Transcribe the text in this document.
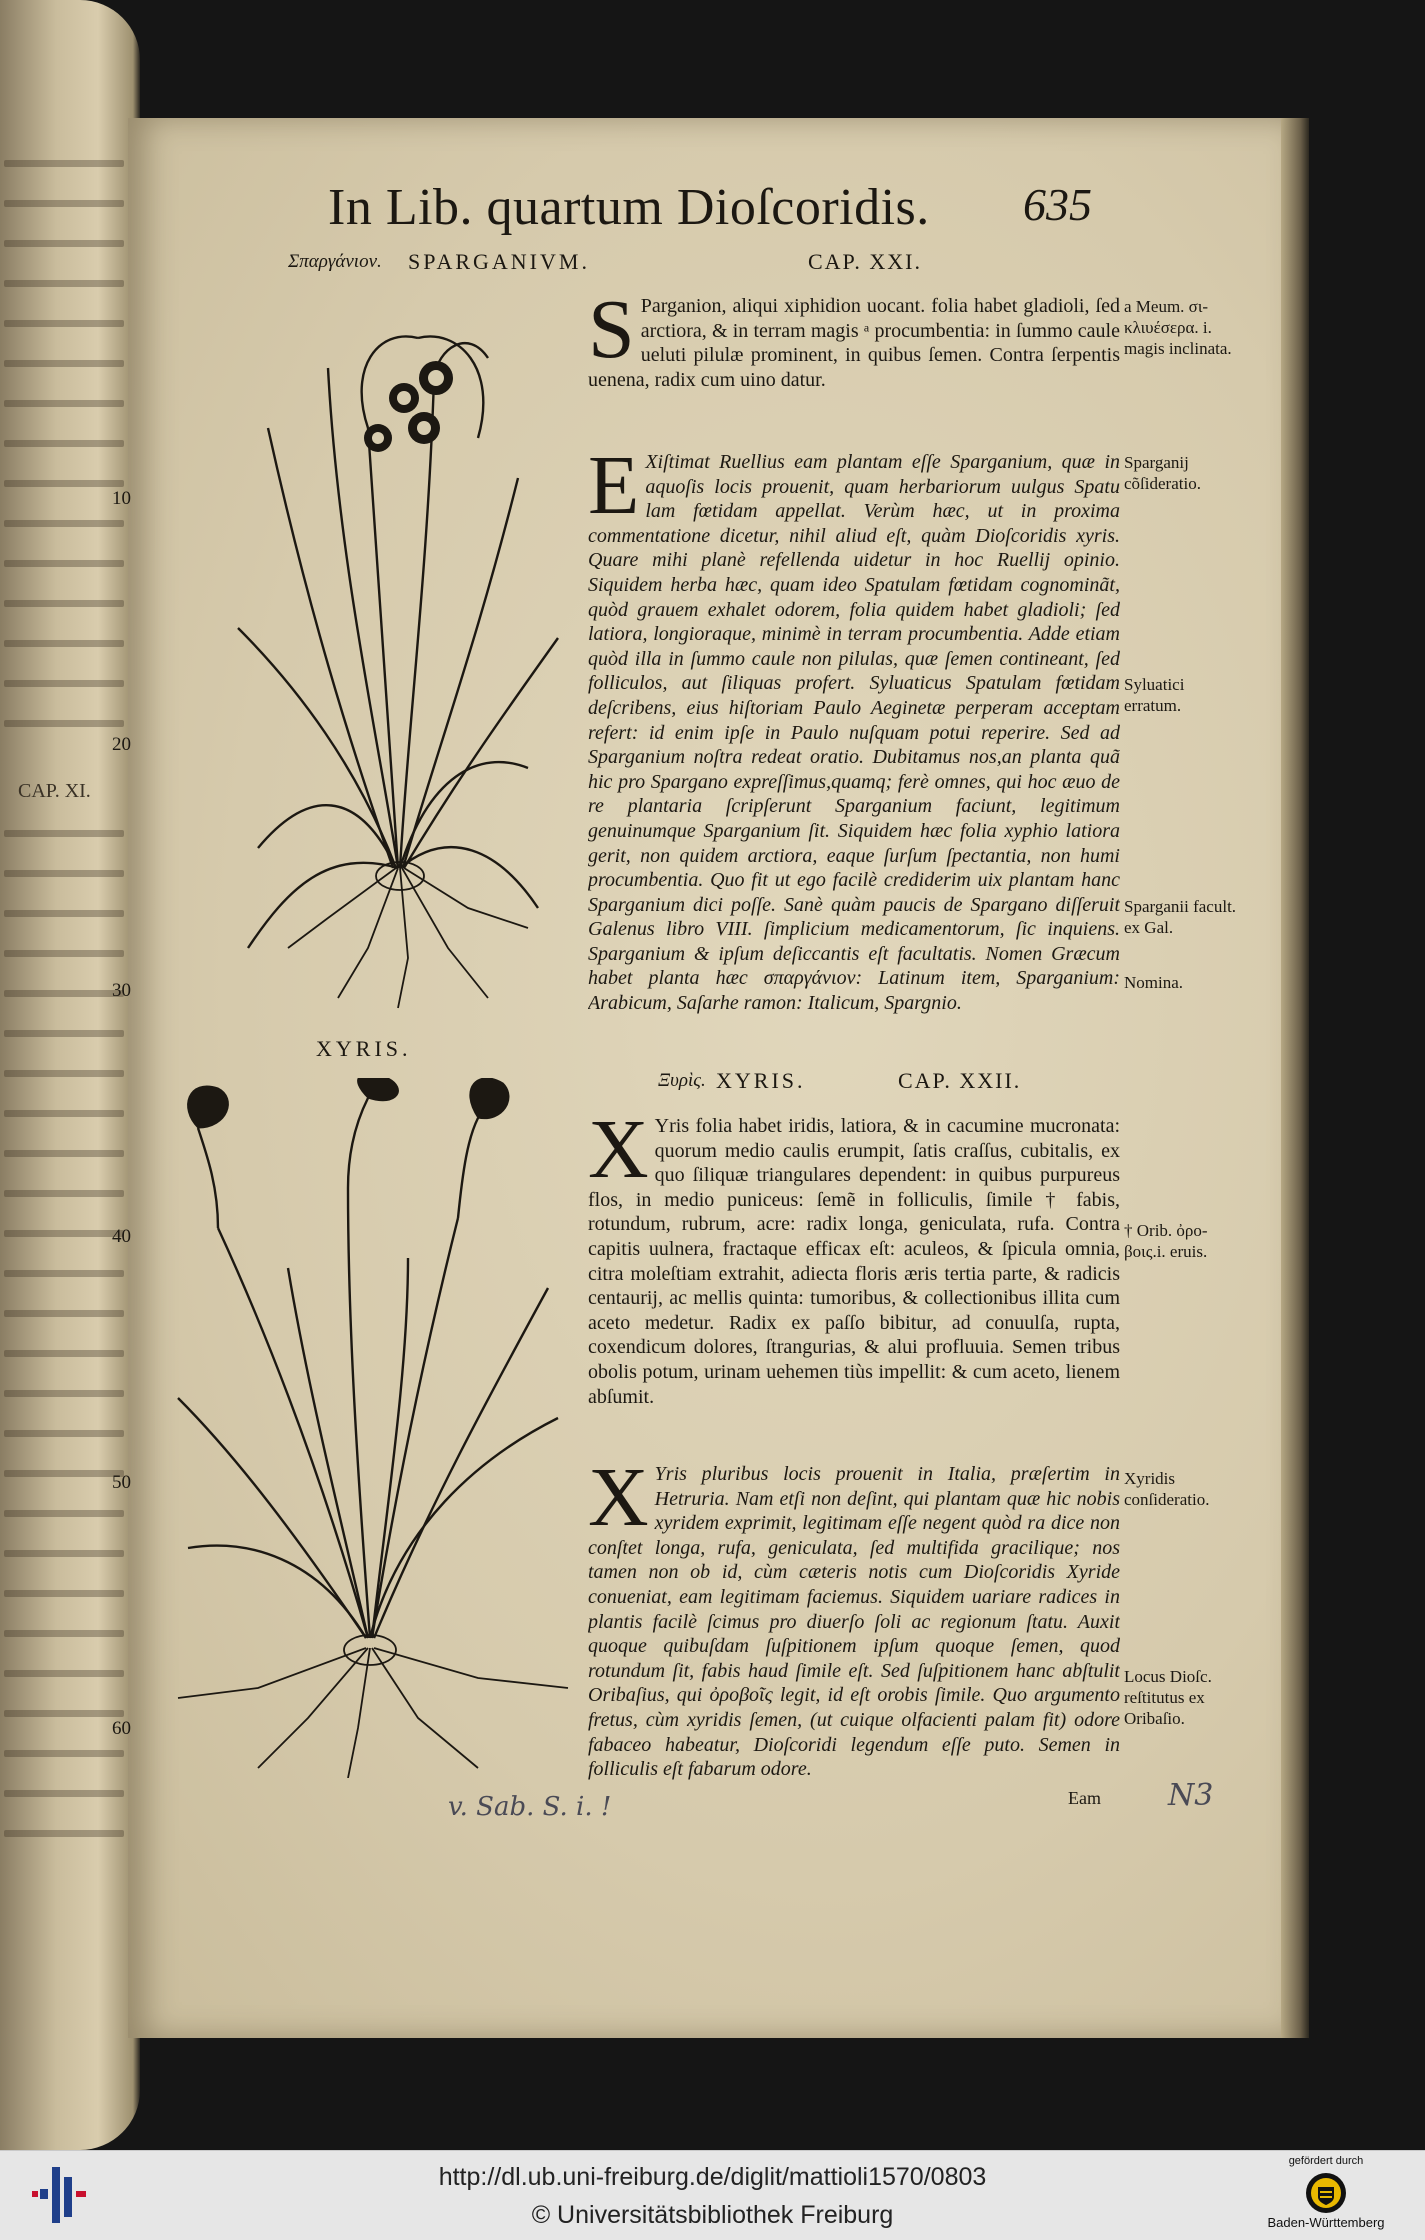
CAP. XI.
In Lib. quartum Dioſcoridis.	635
Σπαργάνιον. SPARGANIVM.	CAP. XXI.
S Parganion, aliqui xiphidion uocant. folia habet gladioli, ſed arctiora, & in terram magis ᵃ procumbentia: in ſummo caule ueluti pilulæ prominent, in quibus ſemen. Contra ſerpentis uenena, radix cum uino datur.
E Xiſtimat Ruellius eam plantam eſſe Sparganium, quæ in aquoſis locis prouenit, quam herbariorum uulgus Spatu lam fœtidam appellat. Verùm hæc, ut in proxima commentatione dicetur, nihil aliud eſt, quàm Dioſcoridis xyris. Quare mihi planè refellenda uidetur in hoc Ruellij opinio. Siquidem herba hæc, quam ideo Spatulam fœtidam cognominãt, quòd grauem exhalet odorem, folia quidem habet gladioli; ſed latiora, longioraque, minimè in terram procumbentia. Adde etiam quòd illa in ſummo caule non pilulas, quæ ſemen contineant, ſed folliculos, aut ſiliquas profert. Syluaticus Spatulam fœtidam deſcribens, eius hiſtoriam Paulo Aeginetæ perperam acceptam refert: id enim ipſe in Paulo nuſquam potui reperire. Sed ad Sparganium noſtra redeat oratio. Dubitamus nos,an planta quã hic pro Spargano expreſſimus,quamq; ferè omnes, qui hoc æuo de re plantaria ſcripſerunt Sparganium faciunt, legitimum genuinumque Sparganium ſit. Siquidem hæc folia xyphio latiora gerit, non quidem arctiora, eaque ſurſum ſpectantia, non humi procumbentia. Quo fit ut ego facilè crediderim uix plantam hanc Sparganium dici poſſe. Sanè quàm paucis de Spargano diſſeruit Galenus libro VIII. ſimplicium medicamentorum, ſic inquiens. Sparganium & ipſum deſiccantis eſt facultatis. Nomen Græcum habet planta hæc σπαργάνιον: Latinum item, Sparganium: Arabicum, Saſarhe ramon: Italicum, Spargnio.
Ξυρὶς. XYRIS.	CAP. XXII.
X Yris folia habet iridis, latiora, & in cacumine mucronata: quorum medio caulis erumpit, ſatis craſſus, cubitalis, ex quo ſiliquæ triangulares dependent: in quibus purpureus flos, in medio puniceus: ſemẽ in folliculis, ſimile † fabis, rotundum, rubrum, acre: radix longa, geniculata, rufa. Contra capitis uulnera, fractaque efficax eſt: aculeos, & ſpicula omnia, citra moleſtiam extrahit, adiecta floris æris tertia parte, & radicis centaurij, ac mellis quinta: tumoribus, & collectionibus illita cum aceto medetur. Radix ex paſſo bibitur, ad conuulſa, rupta, coxendicum dolores, ſtrangurias, & alui profluuia. Semen tribus obolis potum, urinam uehemen tiùs impellit: & cum aceto, lienem abſumit.
X Yris pluribus locis prouenit in Italia, præſertim in Hetruria. Nam etſi non deſint, qui plantam quæ hic nobis xyridem exprimit, legitimam eſſe negent quòd ra dice non conſtet longa, rufa, geniculata, ſed multifida gracilique; nos tamen non ob id, cùm cæteris notis cum Dioſcoridis Xyride conueniat, eam legitimam faciemus. Siquidem uariare radices in plantis facilè ſcimus pro diuerſo ſoli ac regionum ſtatu. Auxit quoque quibuſdam ſuſpitionem ipſum quoque ſemen, quod rotundum ſit, fabis haud ſimile eſt. Sed ſuſpitionem hanc abſtulit Oribaſius, qui ὀροβοῖς legit, id eſt orobis ſimile. Quo argumento fretus, cùm xyridis ſemen, (ut cuique olfacienti palam fit) odore fabaceo habeatur, Dioſcoridi legendum eſſe puto. Semen in folliculis eſt fabarum odore.
Eam
a Meum. σι-κλιυέσερα. i. magis inclinata.
Sparganij cõſideratio.
Syluatici erratum.
Sparganii facult. ex Gal.
Nomina.
† Orib. ὀρο-βοις.i. eruis.
Xyridis conſideratio.
Locus Dioſc. reſtitutus ex Oribaſio.
10
20
30
40
50
60
XYRIS.
v. Sab. S. i. !	N3
http://dl.ub.uni-freiburg.de/diglit/mattioli1570/0803
© Universitätsbibliothek Freiburg
gefördert durch
Baden-Württemberg
